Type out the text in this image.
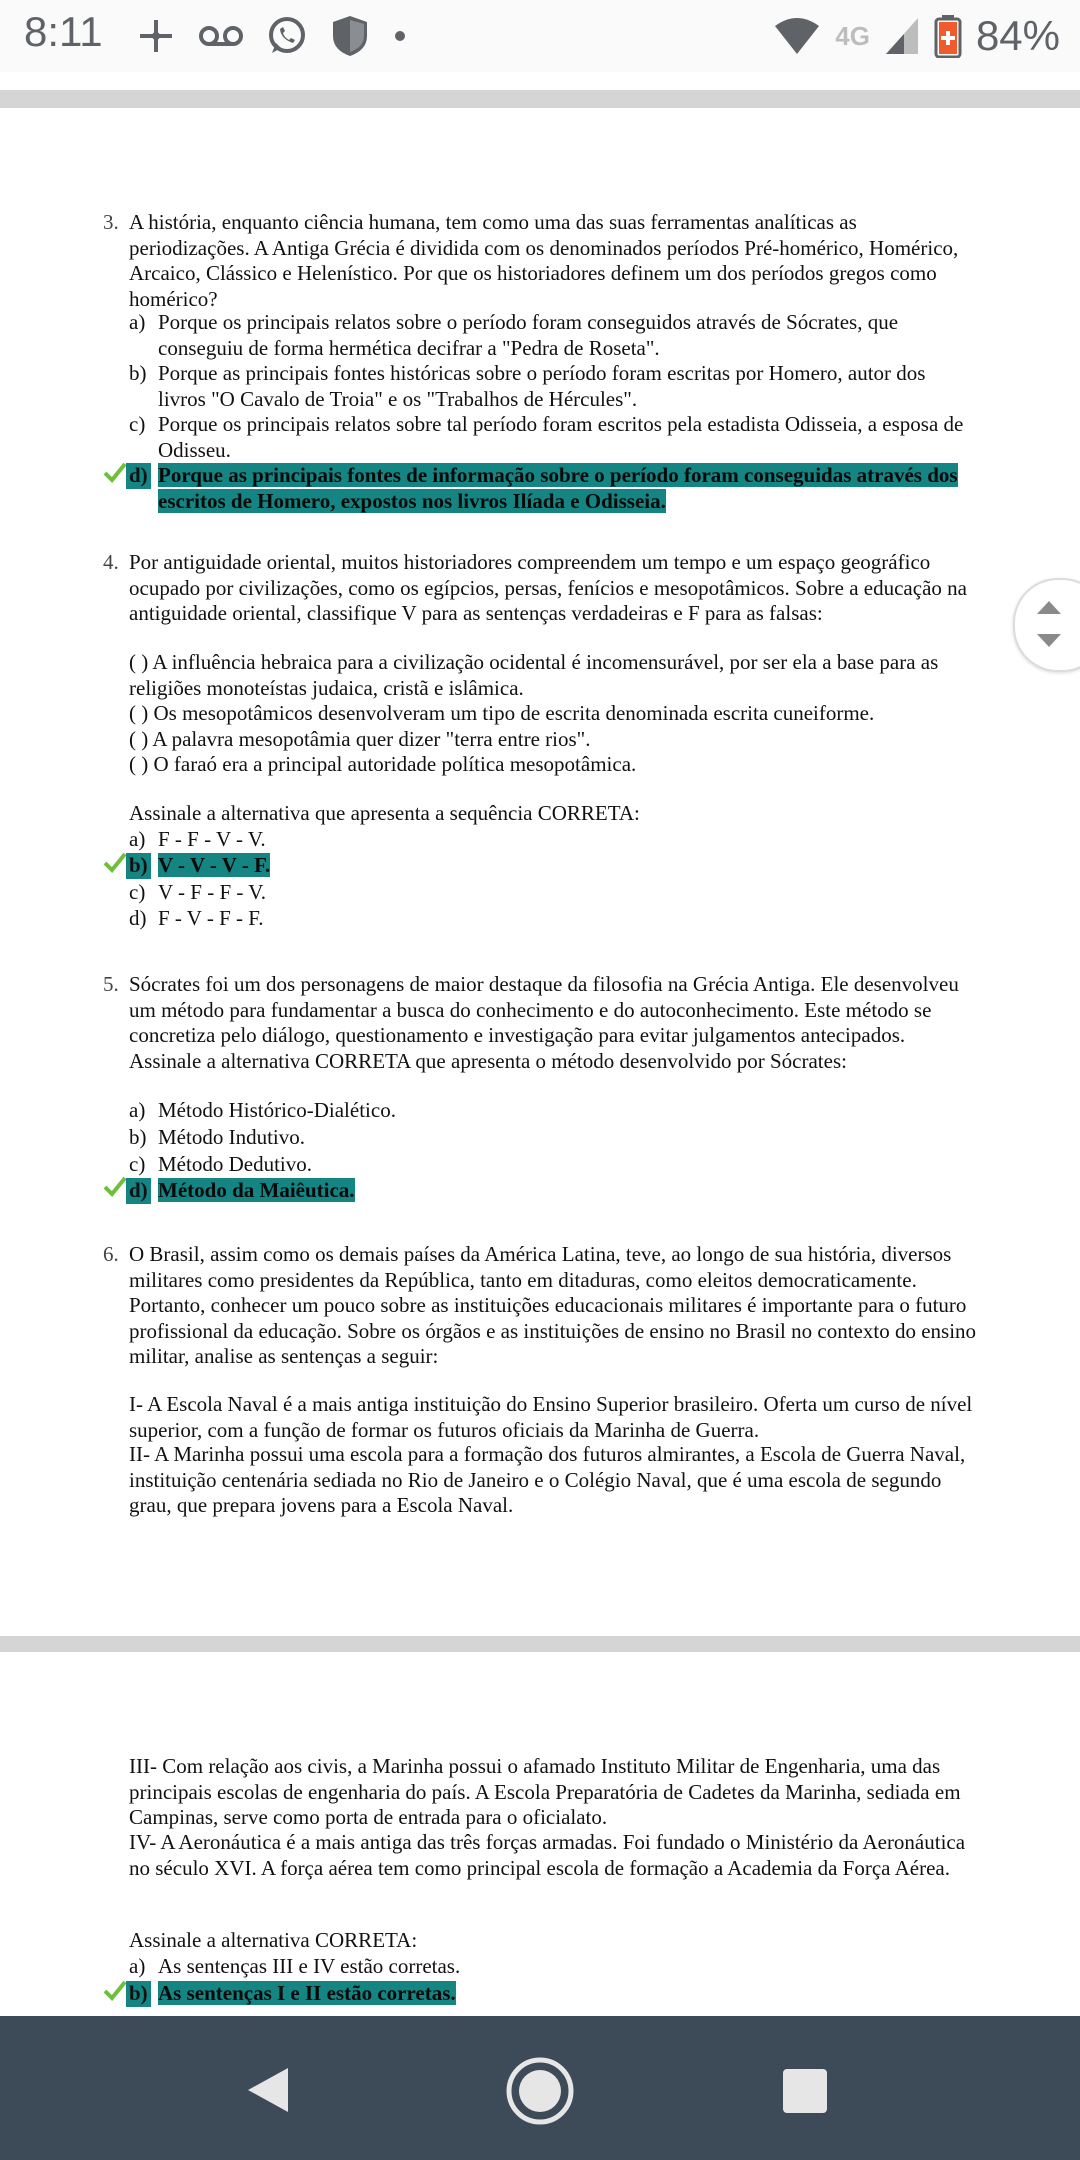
8:11	4G	84%
3. A história, enquanto ciência humana, tem como uma das suas ferramentas analíticas as periodizações. A Antiga Grécia é dividida com os denominados períodos Pré-homérico, Homérico, Arcaico, Clássico e Helenístico. Por que os historiadores definem um dos períodos gregos como homérico?
a) Porque os principais relatos sobre o período foram conseguidos através de Sócrates, que conseguiu de forma hermética decifrar a "Pedra de Roseta".
b) Porque as principais fontes históricas sobre o período foram escritas por Homero, autor dos livros "O Cavalo de Troia" e os "Trabalhos de Hércules".
c) Porque os principais relatos sobre tal período foram escritos pela estadista Odisseia, a esposa de Odisseu.
d) Porque as principais fontes de informação sobre o período foram conseguidas através dos escritos de Homero, expostos nos livros Ilíada e Odisseia.
4. Por antiguidade oriental, muitos historiadores compreendem um tempo e um espaço geográfico ocupado por civilizações, como os egípcios, persas, fenícios e mesopotâmicos. Sobre a educação na antiguidade oriental, classifique V para as sentenças verdadeiras e F para as falsas:
( ) A influência hebraica para a civilização ocidental é incomensurável, por ser ela a base para as religiões monoteístas judaica, cristã e islâmica.
( ) Os mesopotâmicos desenvolveram um tipo de escrita denominada escrita cuneiforme.
( ) A palavra mesopotâmia quer dizer "terra entre rios".
( ) O faraó era a principal autoridade política mesopotâmica.
Assinale a alternativa que apresenta a sequência CORRETA:
a) F - F - V - V.
b) V - V - V - F.
c) V - F - F - V.
d) F - V - F - F.
5. Sócrates foi um dos personagens de maior destaque da filosofia na Grécia Antiga. Ele desenvolveu um método para fundamentar a busca do conhecimento e do autoconhecimento. Este método se concretiza pelo diálogo, questionamento e investigação para evitar julgamentos antecipados. Assinale a alternativa CORRETA que apresenta o método desenvolvido por Sócrates:
a) Método Histórico-Dialético.
b) Método Indutivo.
c) Método Dedutivo.
d) Método da Maiêutica.
6. O Brasil, assim como os demais países da América Latina, teve, ao longo de sua história, diversos militares como presidentes da República, tanto em ditaduras, como eleitos democraticamente. Portanto, conhecer um pouco sobre as instituições educacionais militares é importante para o futuro profissional da educação. Sobre os órgãos e as instituições de ensino no Brasil no contexto do ensino militar, analise as sentenças a seguir:
I- A Escola Naval é a mais antiga instituição do Ensino Superior brasileiro. Oferta um curso de nível superior, com a função de formar os futuros oficiais da Marinha de Guerra.
II- A Marinha possui uma escola para a formação dos futuros almirantes, a Escola de Guerra Naval, instituição centenária sediada no Rio de Janeiro e o Colégio Naval, que é uma escola de segundo grau, que prepara jovens para a Escola Naval.
III- Com relação aos civis, a Marinha possui o afamado Instituto Militar de Engenharia, uma das principais escolas de engenharia do país. A Escola Preparatória de Cadetes da Marinha, sediada em Campinas, serve como porta de entrada para o oficialato.
IV- A Aeronáutica é a mais antiga das três forças armadas. Foi fundado o Ministério da Aeronáutica no século XVI. A força aérea tem como principal escola de formação a Academia da Força Aérea.
Assinale a alternativa CORRETA:
a) As sentenças III e IV estão corretas.
b) As sentenças I e II estão corretas.
